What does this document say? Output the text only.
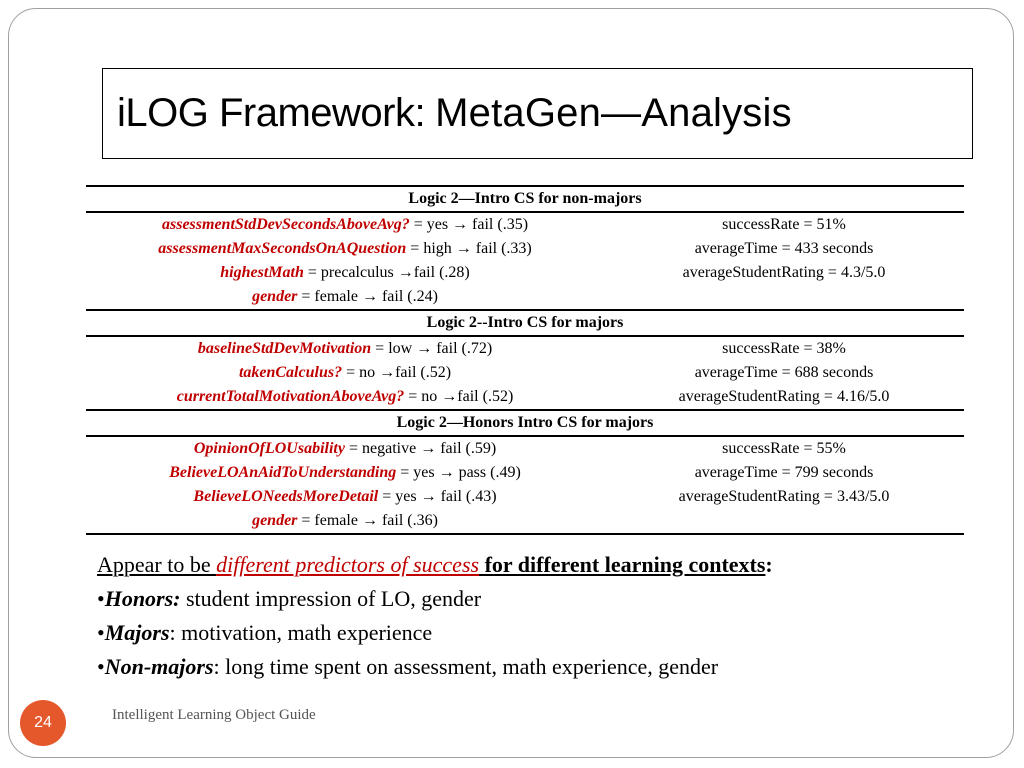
iLOG Framework: MetaGen—Analysis
Logic 2—Intro CS for non-majors	
assessmentStdDevSecondsAboveAvg? = yes → fail (.35)	successRate = 51%
assessmentMaxSecondsOnAQuestion = high → fail (.33)	averageTime = 433 seconds
highestMath = precalculus →fail (.28)	averageStudentRating = 4.3/5.0
gender = female → fail (.24)	
Logic 2--Intro CS for majors	
baselineStdDevMotivation = low → fail (.72)	successRate = 38%
takenCalculus? = no →fail (.52)	averageTime = 688 seconds
currentTotalMotivationAboveAvg? = no →fail (.52)	averageStudentRating = 4.16/5.0
Logic 2—Honors Intro CS for majors	
OpinionOfLOUsability = negative → fail (.59)	successRate = 55%
BelieveLOAnAidToUnderstanding = yes → pass (.49)	averageTime = 799 seconds
BelieveLONeedsMoreDetail = yes → fail (.43)	averageStudentRating = 3.43/5.0
gender = female → fail (.36)	
Appear to be different predictors of success for different learning contexts:
•Honors: student impression of LO, gender
•Majors: motivation, math experience
•Non-majors: long time spent on assessment, math experience, gender
24	Intelligent Learning Object Guide
